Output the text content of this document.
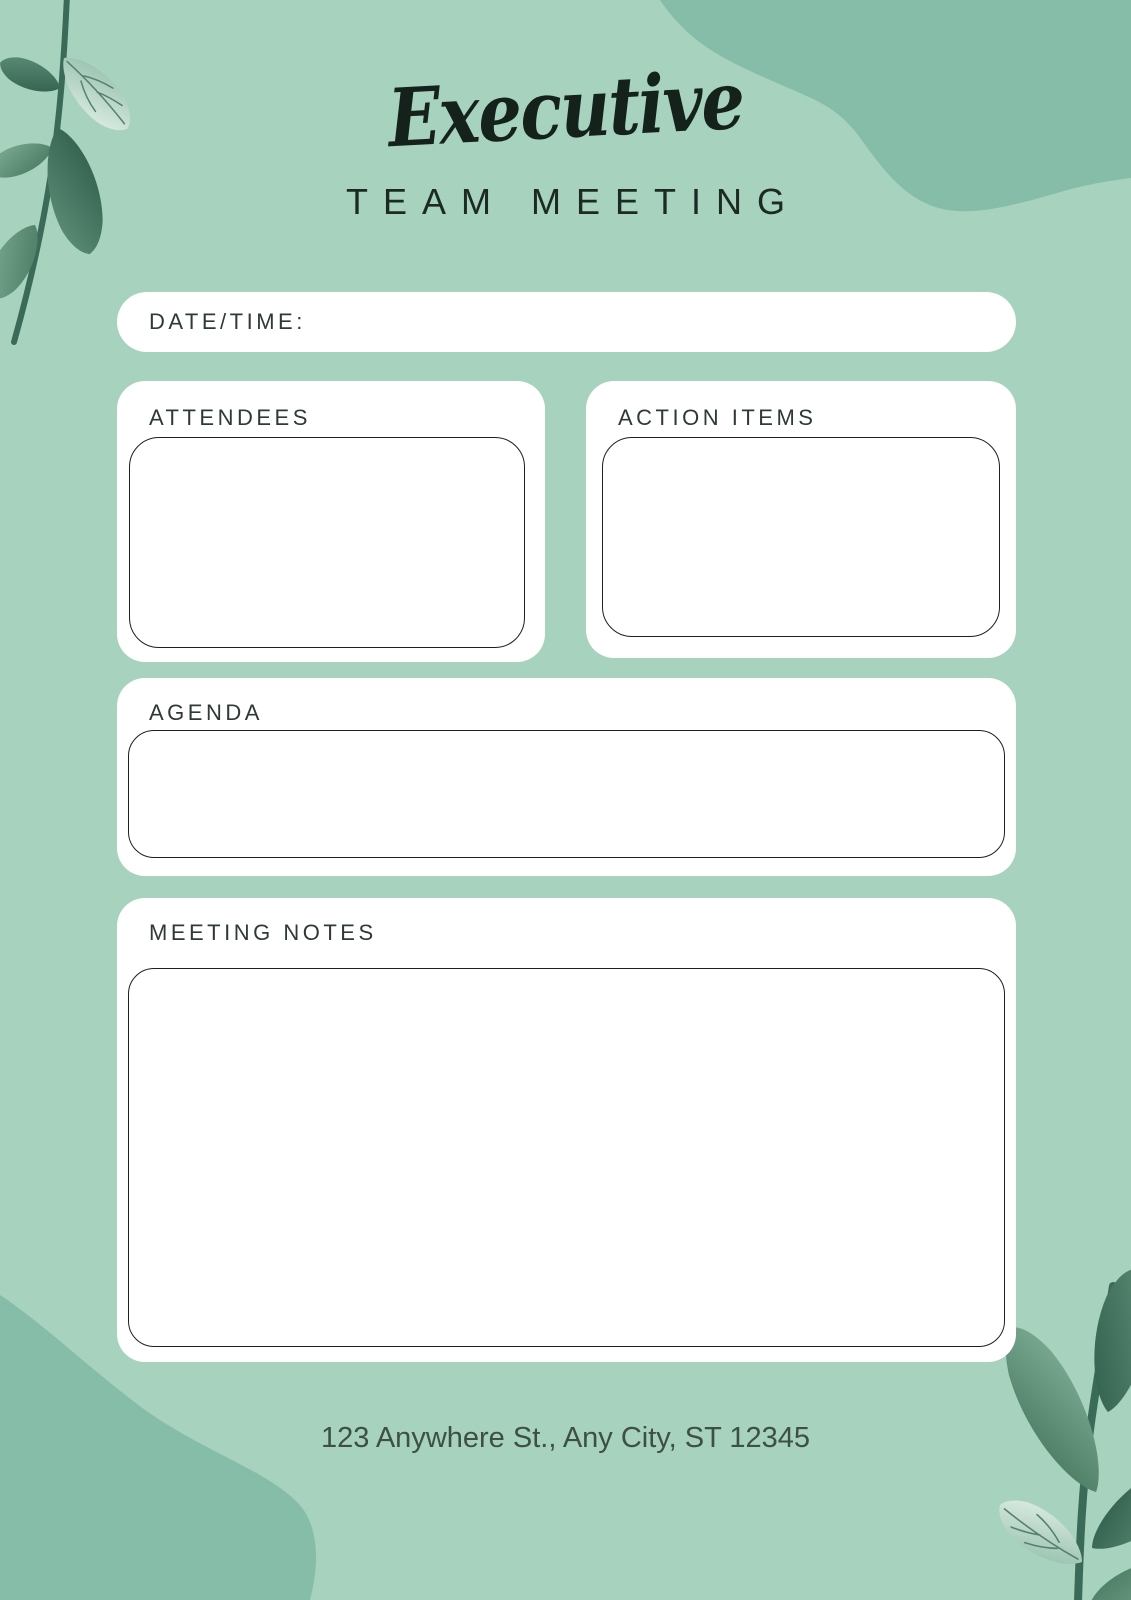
Executive
TEAM MEETING
DATE/TIME:
ATTENDEES	ACTION ITEMS
AGENDA
MEETING NOTES
123 Anywhere St., Any City, ST 12345
